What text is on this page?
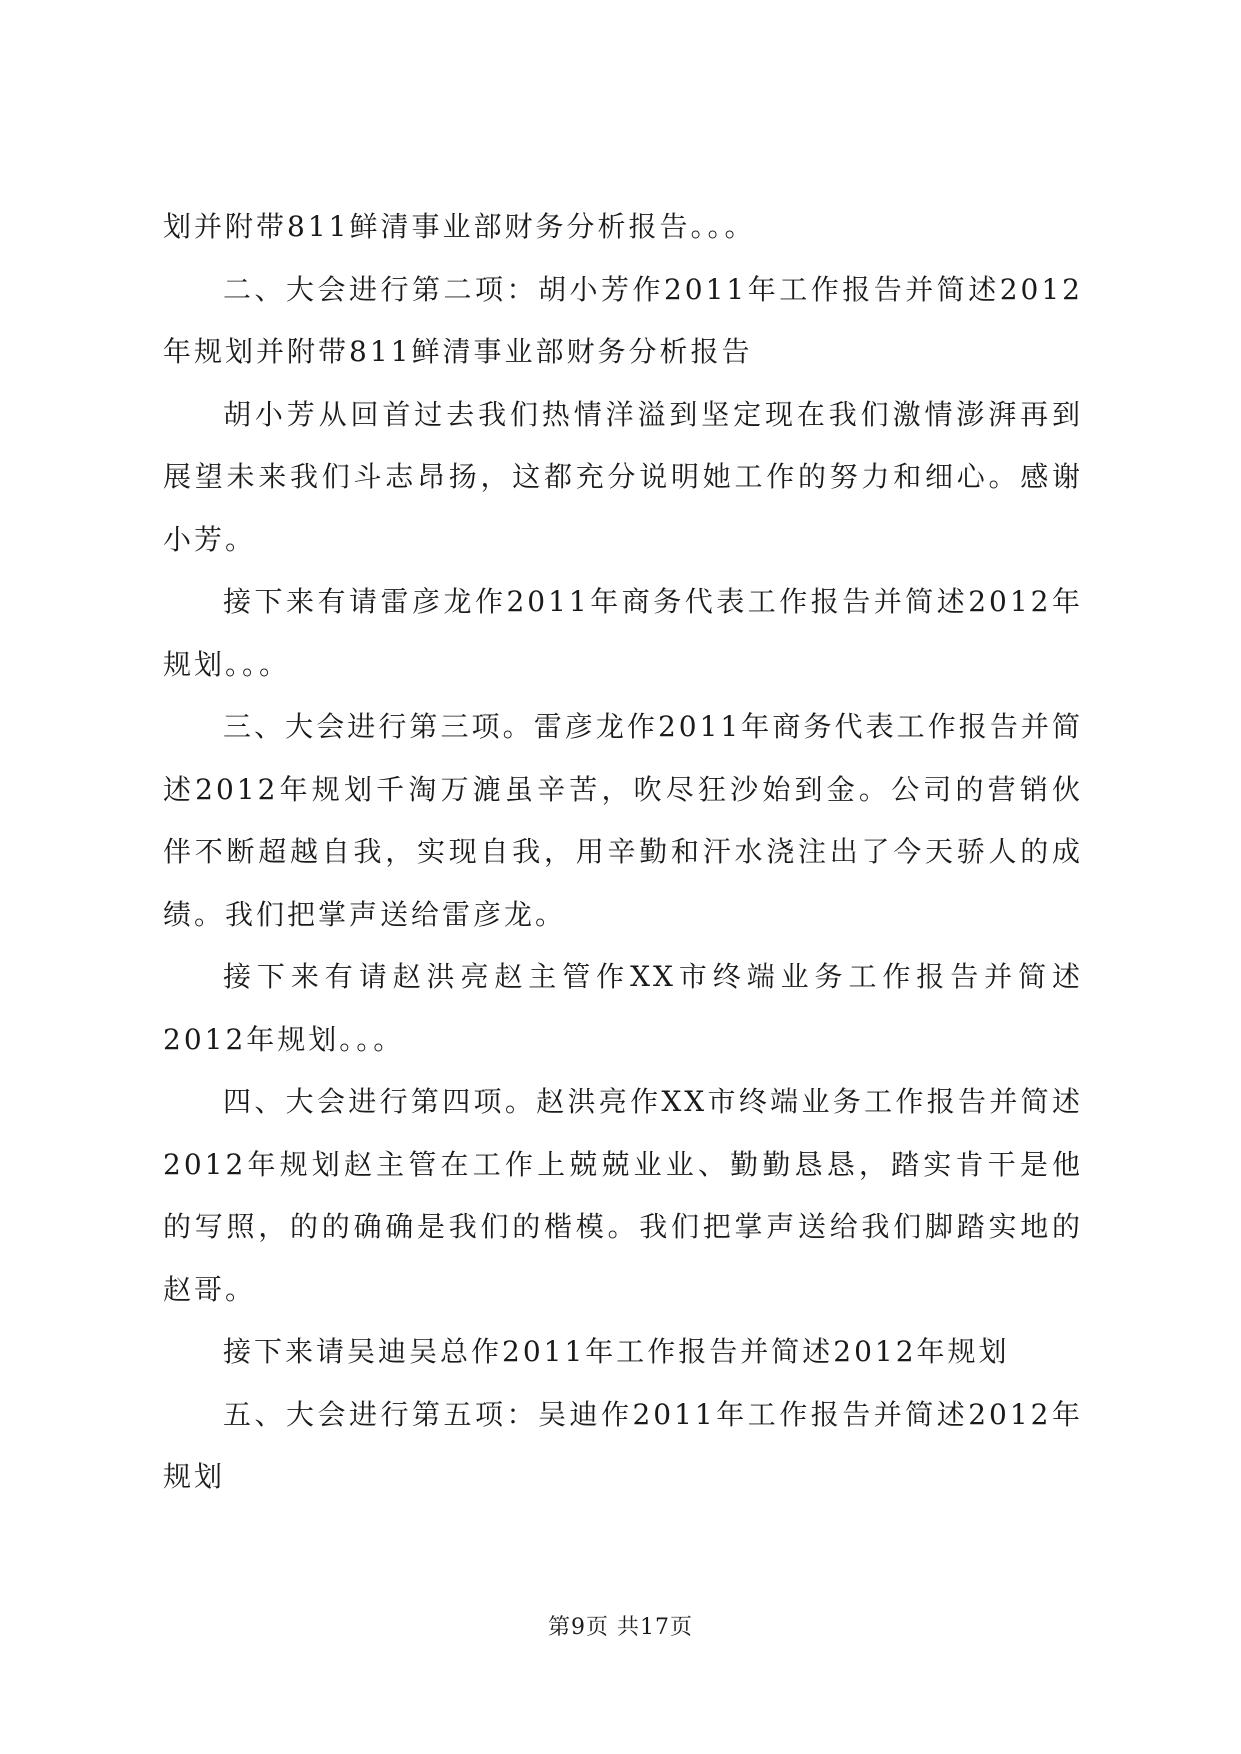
划并附带811鲜清事业部财务分析报告。。。

二、大会进行第二项：胡小芳作2011年工作报告并简述2012年规划并附带811鲜清事业部财务分析报告

胡小芳从回首过去我们热情洋溢到坚定现在我们激情澎湃再到展望未来我们斗志昂扬，这都充分说明她工作的努力和细心。感谢小芳。

接下来有请雷彦龙作2011年商务代表工作报告并简述2012年规划。。。

三、大会进行第三项。雷彦龙作2011年商务代表工作报告并简述2012年规划千淘万漉虽辛苦，吹尽狂沙始到金。公司的营销伙伴不断超越自我，实现自我，用辛勤和汗水浇注出了今天骄人的成绩。我们把掌声送给雷彦龙。

接下来有请赵洪亮赵主管作XX市终端业务工作报告并简述2012年规划。。。

四、大会进行第四项。赵洪亮作XX市终端业务工作报告并简述2012年规划赵主管在工作上兢兢业业、勤勤恳恳，踏实肯干是他的写照，的的确确是我们的楷模。我们把掌声送给我们脚踏实地的赵哥。

接下来请吴迪吴总作2011年工作报告并简述2012年规划

五、大会进行第五项：吴迪作2011年工作报告并简述2012年规划

第9页 共17页
